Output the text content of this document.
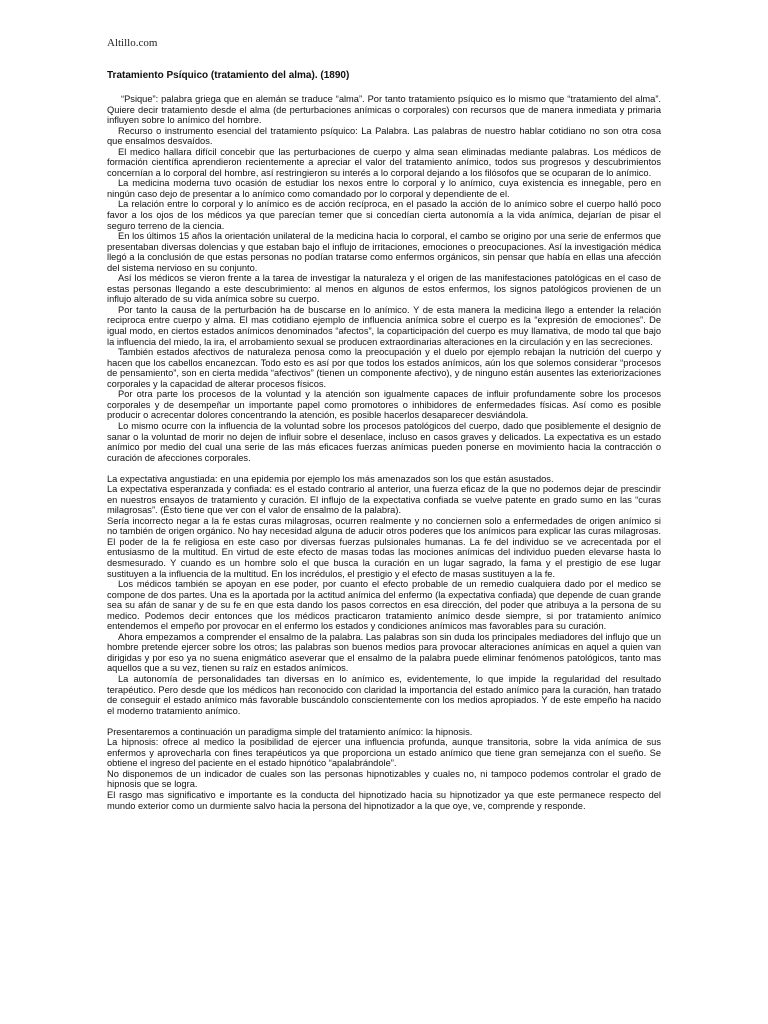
Altillo.com
Tratamiento Psíquico (tratamiento del alma). (1890)

“Psique”: palabra griega que en alemán se traduce “alma”. Por tanto tratamiento psíquico es lo mismo que “tratamiento del alma”. Quiere decir tratamiento desde el alma (de perturbaciones anímicas o corporales) con recursos que de manera inmediata y primaria influyen sobre lo anímico del hombre.

Recurso o instrumento esencial del tratamiento psíquico: La Palabra. Las palabras de nuestro hablar cotidiano no son otra cosa que ensalmos desvaídos.

El medico hallara difícil concebir que las perturbaciones de cuerpo y alma sean eliminadas mediante palabras. Los médicos de formación científica aprendieron recientemente a apreciar el valor del tratamiento anímico, todos sus progresos y descubrimientos concernían a lo corporal del hombre, así restringieron su interés a lo corporal dejando a los filósofos que se ocuparan de lo anímico.

La medicina moderna tuvo ocasión de estudiar los nexos entre lo corporal y lo anímico, cuya existencia es innegable, pero en ningún caso dejo de presentar a lo anímico como comandado por lo corporal y dependiente de el.

La relación entre lo corporal y lo anímico es de acción recíproca, en el pasado la acción de lo anímico sobre el cuerpo halló poco favor a los ojos de los médicos ya que parecían temer que si concedían cierta autonomía a la vida anímica, dejarían de pisar el seguro terreno de la ciencia.

En los últimos 15 años la orientación unilateral de la medicina hacia lo corporal, el cambo se origino por una serie de enfermos que presentaban diversas dolencias y que estaban bajo el influjo de irritaciones, emociones o preocupaciones. Así la investigación médica llegó a la conclusión de que estas personas no podían tratarse como enfermos orgánicos, sin pensar que había en ellas una afección del sistema nervioso en su conjunto.

Así los médicos se vieron frente a la tarea de investigar la naturaleza y el origen de las manifestaciones patológicas en el caso de estas personas llegando a este descubrimiento: al menos en algunos de estos enfermos, los signos patológicos provienen de un influjo alterado de su vida anímica sobre su cuerpo.

Por tanto la causa de la perturbación ha de buscarse en lo anímico. Y de esta manera la medicina llego a entender la relación reciproca entre cuerpo y alma. El mas cotidiano ejemplo de influencia anímica sobre el cuerpo es la “expresión de emociones”. De igual modo, en ciertos estados anímicos denominados “afectos”, la coparticipación del cuerpo es muy llamativa, de modo tal que bajo la influencia del miedo, la ira, el arrobamiento sexual se producen extraordinarias alteraciones en la circulación y en las secreciones.

También estados afectivos de naturaleza penosa como la preocupación y el duelo por ejemplo rebajan la nutrición del cuerpo y hacen que los cabellos encanezcan. Todo esto es así por que todos los estados anímicos, aún los que solemos considerar “procesos de pensamiento”, son en cierta medida “afectivos” (tienen un componente afectivo), y de ninguno están ausentes las exteriorizaciones corporales y la capacidad de alterar procesos físicos.

Por otra parte los procesos de la voluntad y la atención son igualmente capaces de influir profundamente sobre los procesos corporales y de desempeñar un importante papel como promotores o inhibidores de enfermedades físicas. Así como es posible producir o acrecentar dolores concentrando la atención, es posible hacerlos desaparecer desviándola.

Lo mismo ocurre con la influencia de la voluntad sobre los procesos patológicos del cuerpo, dado que posiblemente el designio de sanar o la voluntad de morir no dejen de influir sobre el desenlace, incluso en casos graves y delicados. La expectativa es un estado anímico por medio del cual una serie de las más eficaces fuerzas anímicas pueden ponerse en movimiento hacia la contracción o curación de afecciones corporales.

La expectativa angustiada: en una epidemia por ejemplo los más amenazados son los que están asustados.

La expectativa esperanzada y confiada: es el estado contrario al anterior, una fuerza eficaz de la que no podemos dejar de prescindir en nuestros ensayos de tratamiento y curación. El influjo de la expectativa confiada se vuelve patente en grado sumo en las “curas milagrosas”. (Ésto tiene que ver con el valor de ensalmo de la palabra).

Sería incorrecto negar a la fe estas curas milagrosas, ocurren realmente y no conciernen solo a enfermedades de origen anímico si no también de origen orgánico. No hay necesidad alguna de aducir otros poderes que los anímicos para explicar las curas milagrosas.

El poder de la fe religiosa en este caso por diversas fuerzas pulsionales humanas. La fe del individuo se ve acrecentada por el entusiasmo de la multitud. En virtud de este efecto de masas todas las mociones anímicas del individuo pueden elevarse hasta lo desmesurado. Y cuando es un hombre solo el que busca la curación en un lugar sagrado, la fama y el prestigio de ese lugar sustituyen a la influencia de la multitud. En los incrédulos, el prestigio y el efecto de masas sustituyen a la fe.

Los médicos también se apoyan en ese poder, por cuanto el efecto probable de un remedio cualquiera dado por el medico se compone de dos partes. Una es la aportada por la actitud anímica del enfermo (la expectativa confiada) que depende de cuan grande sea su afán de sanar y de su fe en que esta dando los pasos correctos en esa dirección, del poder que atribuya a la persona de su medico. Podemos decir entonces que los médicos practicaron tratamiento anímico desde siempre, si por tratamiento anímico entendemos el empeño por provocar en el enfermo los estados y condiciones anímicos mas favorables para su curación.

Ahora empezamos a comprender el ensalmo de la palabra. Las palabras son sin duda los principales mediadores del influjo que un hombre pretende ejercer sobre los otros; las palabras son buenos medios para provocar alteraciones anímicas en aquel a quien van dirigidas y por eso ya no suena enigmático aseverar que el ensalmo de la palabra puede eliminar fenómenos patológicos, tanto mas aquellos que a su vez, tienen su raíz en estados anímicos.

La autonomía de personalidades tan diversas en lo anímico es, evidentemente, lo que impide la regularidad del resultado terapéutico. Pero desde que los médicos han reconocido con claridad la importancia del estado anímico para la curación, han tratado de conseguir el estado anímico más favorable buscándolo conscientemente con los medios apropiados. Y de este empeño ha nacido el moderno tratamiento anímico.

Presentaremos a continuación un paradigma simple del tratamiento anímico: la hipnosis.

La hipnosis: ofrece al medico la posibilidad de ejercer una influencia profunda, aunque transitoria, sobre la vida anímica de sus enfermos y aprovecharla con fines terapéuticos ya que proporciona un estado anímico que tiene gran semejanza con el sueño. Se obtiene el ingreso del paciente en el estado hipnótico “apalabrándole”.

No disponemos de un indicador de cuales son las personas hipnotizables y cuales no, ni tampoco podemos controlar el grado de hipnosis que se logra.

El rasgo mas significativo e importante es la conducta del hipnotizado hacia su hipnotizador ya que este permanece respecto del mundo exterior como un durmiente salvo hacia la persona del hipnotizador a la que oye, ve, comprende y responde.
